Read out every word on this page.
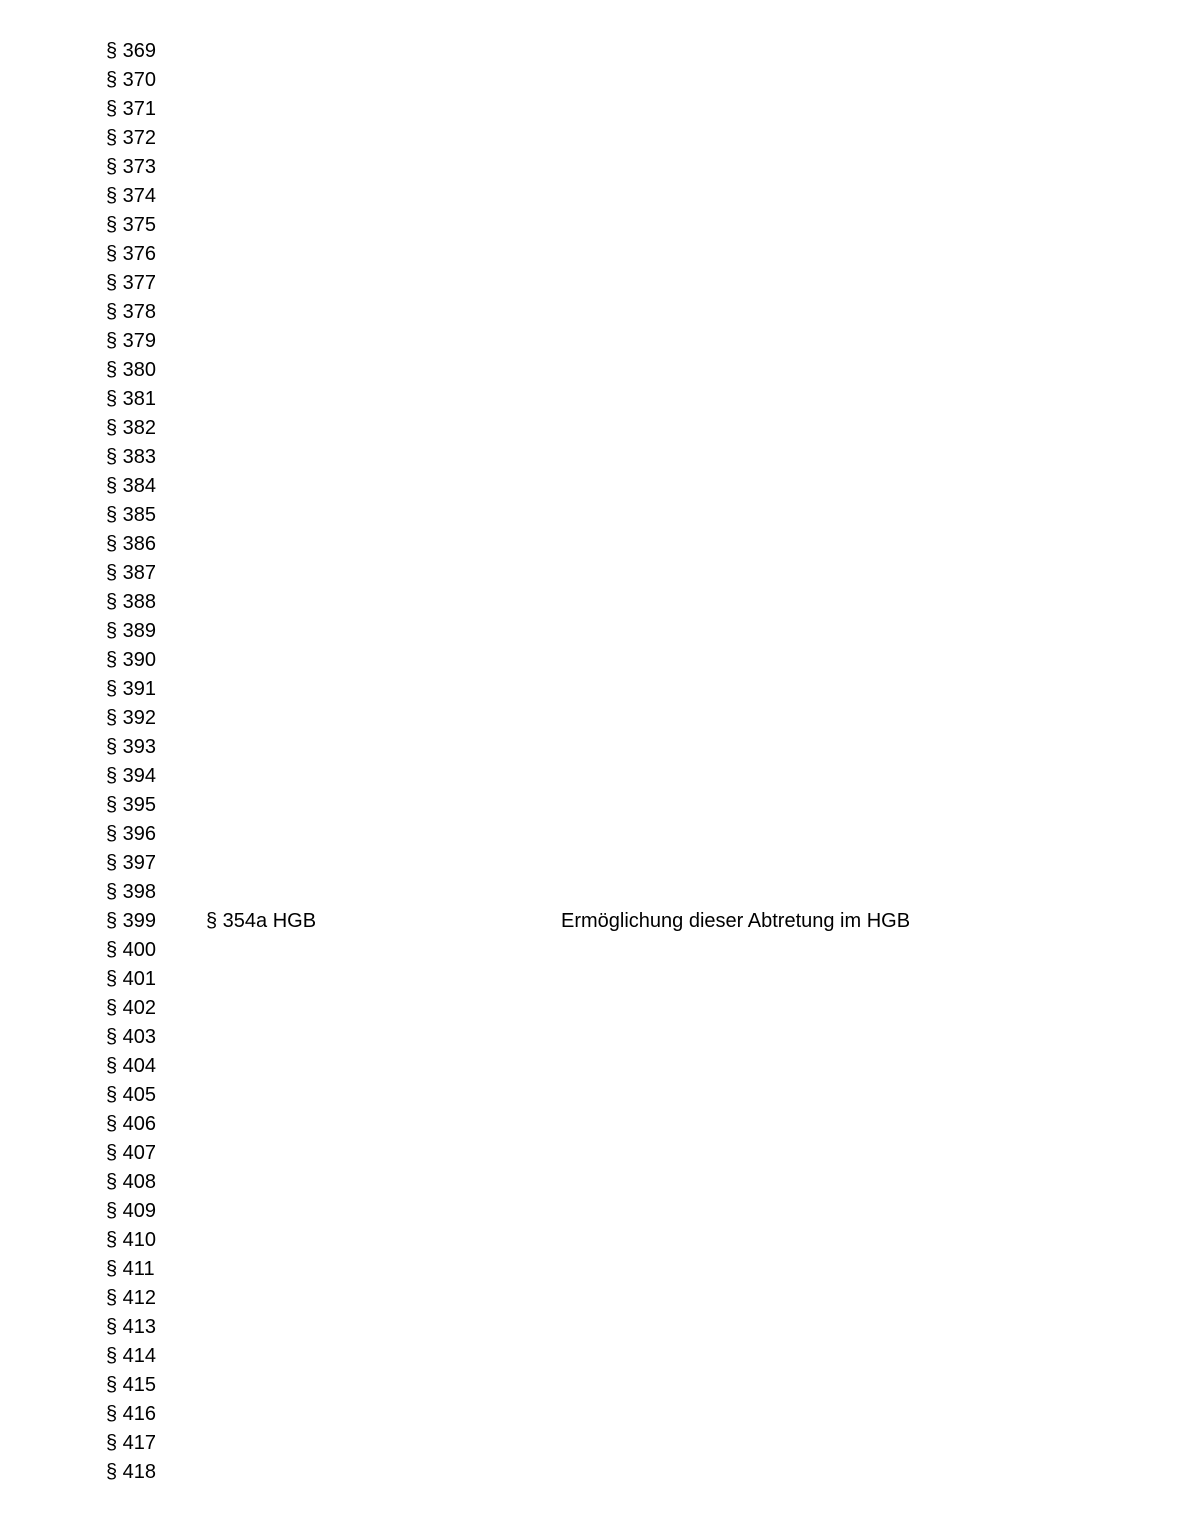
§ 369
§ 370
§ 371
§ 372
§ 373
§ 374
§ 375
§ 376
§ 377
§ 378
§ 379
§ 380
§ 381
§ 382
§ 383
§ 384
§ 385
§ 386
§ 387
§ 388
§ 389
§ 390
§ 391
§ 392
§ 393
§ 394
§ 395
§ 396
§ 397
§ 398
§ 399 § 354a HGB	Ermöglichung dieser Abtretung im HGB
§ 400
§ 401
§ 402
§ 403
§ 404
§ 405
§ 406
§ 407
§ 408
§ 409
§ 410
§ 411
§ 412
§ 413
§ 414
§ 415
§ 416
§ 417
§ 418
